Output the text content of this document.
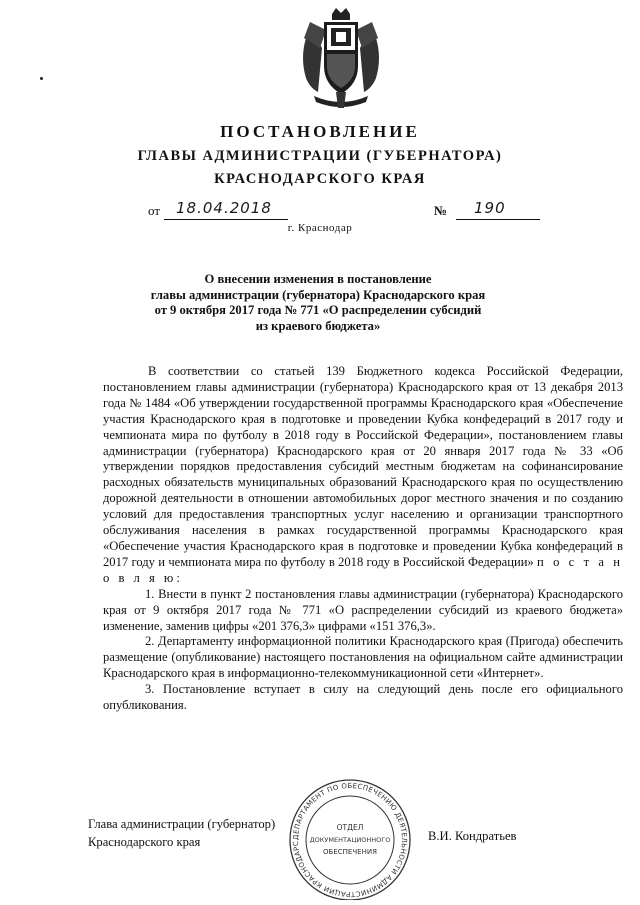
ПОСТАНОВЛЕНИЕ
ГЛАВЫ АДМИНИСТРАЦИИ (ГУБЕРНАТОРА)
КРАСНОДАРСКОГО КРАЯ
от 18.04.2018	№ 190
г. Краснодар
О внесении изменения в постановление
главы администрации (губернатора) Краснодарского края
от 9 октября 2017 года № 771 «О распределении субсидий
из краевого бюджета»

В соответствии со статьей 139 Бюджетного кодекса Российской Федерации, постановлением главы администрации (губернатора) Краснодарского края от 13 декабря 2013 года № 1484 «Об утверждении государственной программы Краснодарского края «Обеспечение участия Краснодарского края в подготовке и проведении Кубка конфедераций в 2017 году и чемпионата мира по футболу в 2018 году в Российской Федерации», постановлением главы администрации (губернатора) Краснодарского края от 20 января 2017 года № 33 «Об утверждении порядков предоставления субсидий местным бюджетам на софинансирование расходных обязательств муниципальных образований Краснодарского края по осуществлению дорожной деятельности в отношении автомобильных дорог местного значения и по созданию условий для предоставления транспортных услуг населению и организации транспортного обслуживания населения в рамках государственной программы Краснодарского края «Обеспечение участия Краснодарского края в подготовке и проведении Кубка конфедераций в 2017 году и чемпионата мира по футболу в 2018 году в Российской Федерации» п о с т а н о в л я ю:

1. Внести в пункт 2 постановления главы администрации (губернатора) Краснодарского края от 9 октября 2017 года № 771 «О распределении субсидий из краевого бюджета» изменение, заменив цифры «201 376,3» цифрами «151 376,3».

2. Департаменту информационной политики Краснодарского края (Пригода) обеспечить размещение (опубликование) настоящего постановления на официальном сайте администрации Краснодарского края в информационно-телекоммуникационной сети «Интернет».

3. Постановление вступает в силу на следующий день после его официального опубликования.

Глава администрации (губернатор)
Краснодарского края	В.И. Кондратьев
ДЕПАРТАМЕНТ ПО ОБЕСПЕЧЕНИЮ ДЕЯТЕЛЬНОСТИ АДМИНИСТРАЦИИ КРАСНОДАРС
ОТДЕЛ
ДОКУМЕНТАЦИОННОГО
ОБЕСПЕЧЕНИЯ
